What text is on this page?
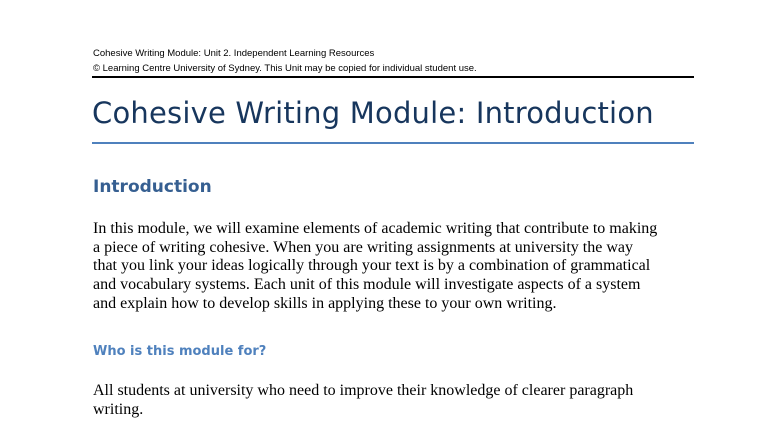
Cohesive Writing Module: Unit 2. Independent Learning Resources
© Learning Centre University of Sydney. This Unit may be copied for individual student use.
Cohesive Writing Module: Introduction
Introduction
In this module, we will examine elements of academic writing that contribute to making
a piece of writing cohesive. When you are writing assignments at university the way
that you link your ideas logically through your text is by a combination of grammatical
and vocabulary systems. Each unit of this module will investigate aspects of a system
and explain how to develop skills in applying these to your own writing.
Who is this module for?
All students at university who need to improve their knowledge of clearer paragraph
writing.
